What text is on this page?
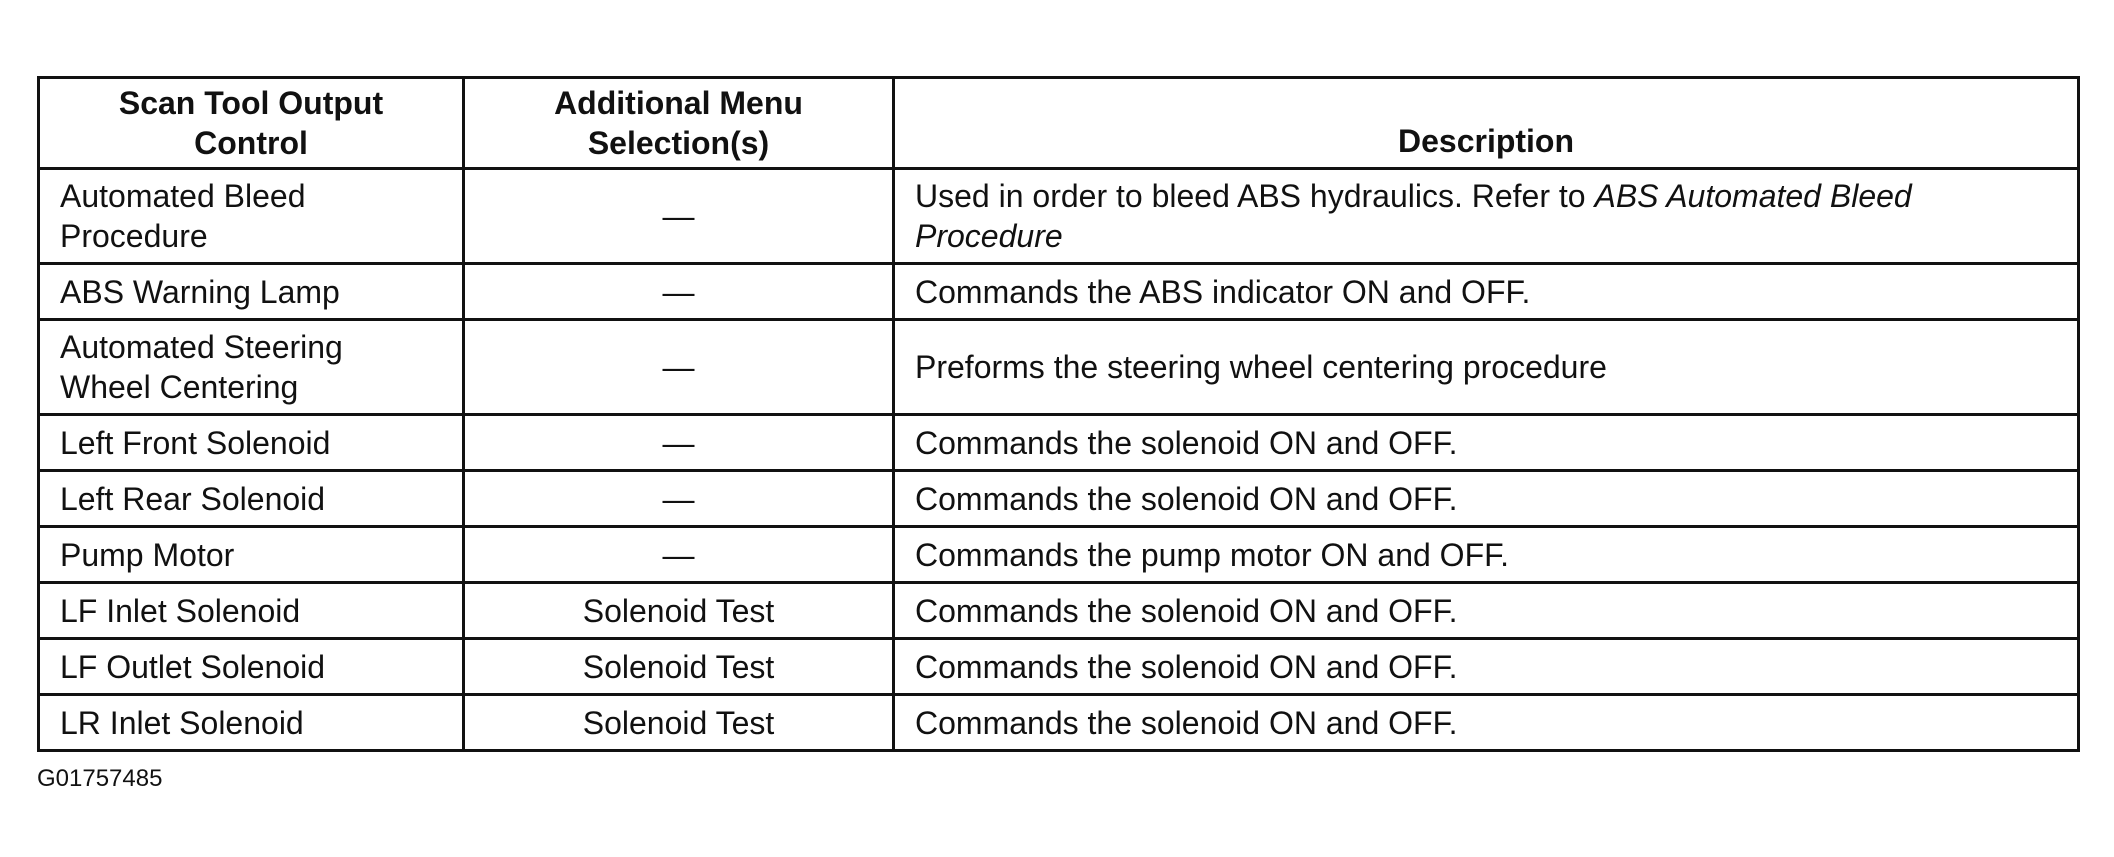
Scan Tool Output Control	Additional Menu Selection(s)	Description
Automated Bleed Procedure	—	Used in order to bleed ABS hydraulics. Refer to ABS Automated Bleed Procedure
ABS Warning Lamp	—	Commands the ABS indicator ON and OFF.
Automated Steering Wheel Centering	—	Preforms the steering wheel centering procedure
Left Front Solenoid	—	Commands the solenoid ON and OFF.
Left Rear Solenoid	—	Commands the solenoid ON and OFF.
Pump Motor	—	Commands the pump motor ON and OFF.
LF Inlet Solenoid	Solenoid Test	Commands the solenoid ON and OFF.
LF Outlet Solenoid	Solenoid Test	Commands the solenoid ON and OFF.
LR Inlet Solenoid	Solenoid Test	Commands the solenoid ON and OFF.
G01757485
